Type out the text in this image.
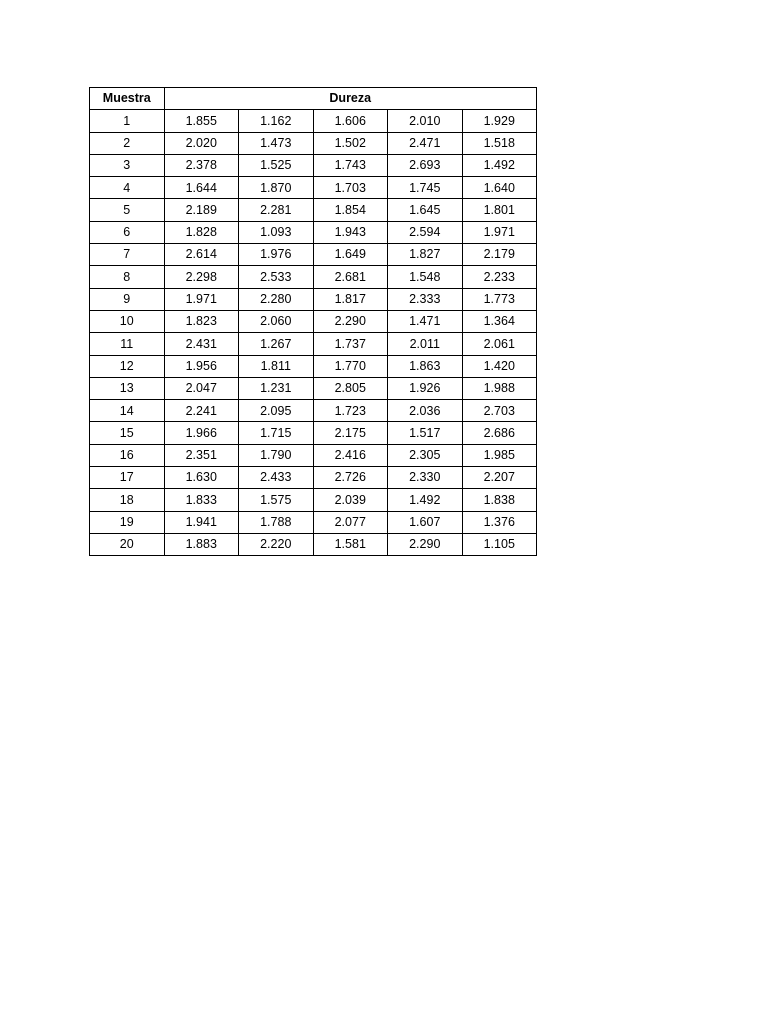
Muestra	Dureza				
1	1.855	1.162	1.606	2.010	1.929
2	2.020	1.473	1.502	2.471	1.518
3	2.378	1.525	1.743	2.693	1.492
4	1.644	1.870	1.703	1.745	1.640
5	2.189	2.281	1.854	1.645	1.801
6	1.828	1.093	1.943	2.594	1.971
7	2.614	1.976	1.649	1.827	2.179
8	2.298	2.533	2.681	1.548	2.233
9	1.971	2.280	1.817	2.333	1.773
10	1.823	2.060	2.290	1.471	1.364
11	2.431	1.267	1.737	2.011	2.061
12	1.956	1.811	1.770	1.863	1.420
13	2.047	1.231	2.805	1.926	1.988
14	2.241	2.095	1.723	2.036	2.703
15	1.966	1.715	2.175	1.517	2.686
16	2.351	1.790	2.416	2.305	1.985
17	1.630	2.433	2.726	2.330	2.207
18	1.833	1.575	2.039	1.492	1.838
19	1.941	1.788	2.077	1.607	1.376
20	1.883	2.220	1.581	2.290	1.105
